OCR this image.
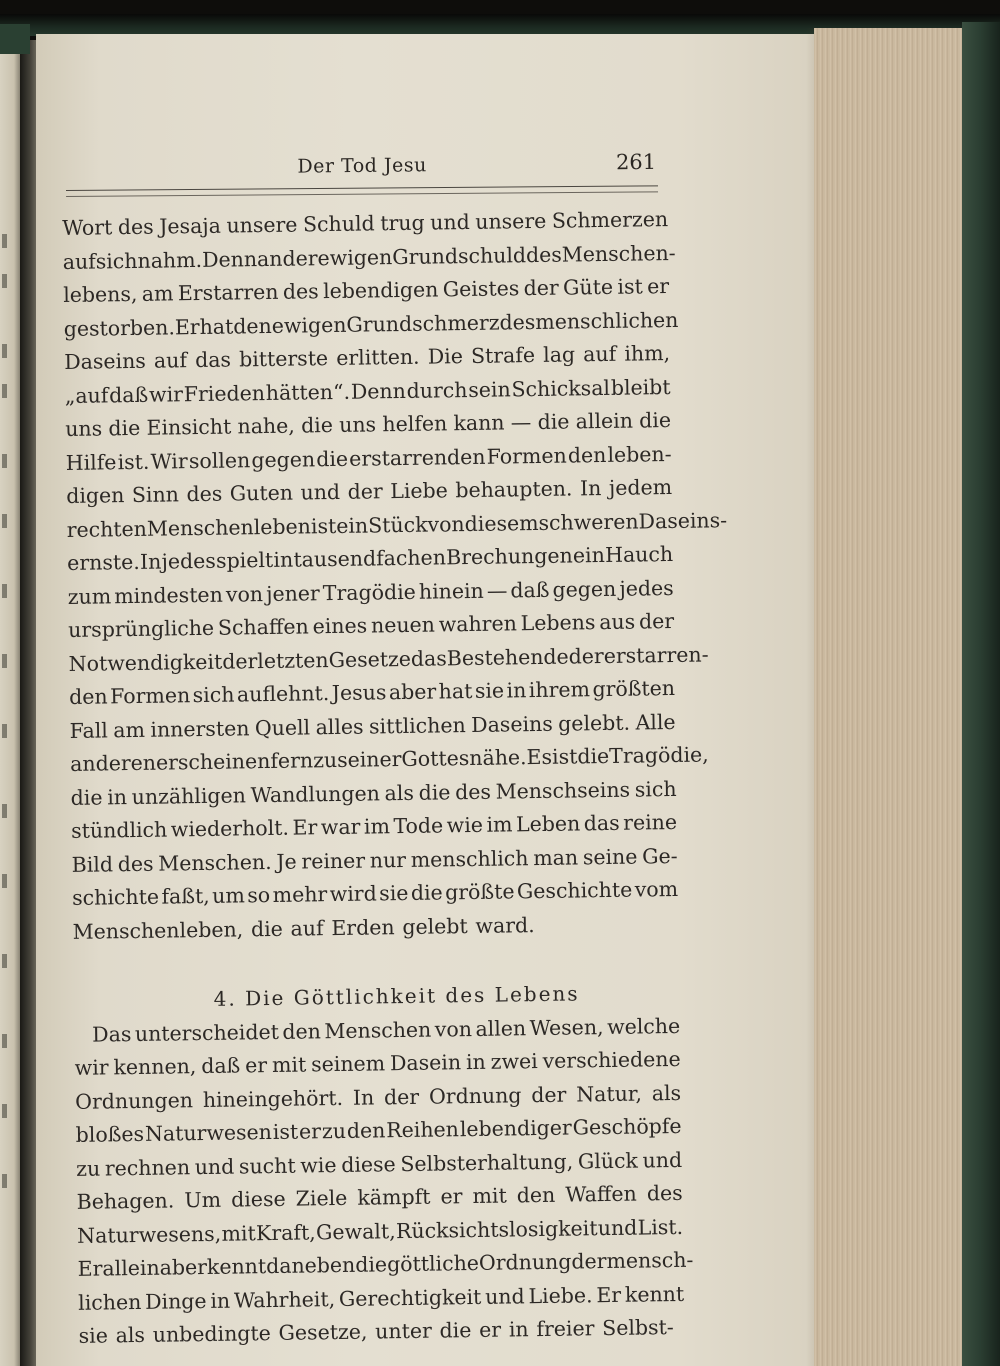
Der Tod Jesu	261
Wort des Jesaja unsere Schuld trug und unsere Schmerzen
auf sich nahm. Denn an der ewigen Grundschuld des Menschen-
lebens, am Erstarren des lebendigen Geistes der Güte ist er
gestorben. Er hat den ewigen Grundschmerz des menschlichen
Daseins auf das bitterste erlitten. Die Strafe lag auf ihm,
„auf daß wir Frieden hätten“. Denn durch sein Schicksal bleibt
uns die Einsicht nahe, die uns helfen kann — die allein die
Hilfe ist. Wir sollen gegen die erstarrenden Formen den leben-
digen Sinn des Guten und der Liebe behaupten. In jedem
rechten Menschenleben ist ein Stück von diesem schweren Daseins-
ernste. In jedes spielt in tausendfachen Brechungen ein Hauch
zum mindesten von jener Tragödie hinein — daß gegen jedes
ursprüngliche Schaffen eines neuen wahren Lebens aus der
Notwendigkeit der letzten Gesetze das Bestehende der erstarren-
den Formen sich auflehnt. Jesus aber hat sie in ihrem größten
Fall am innersten Quell alles sittlichen Daseins gelebt. Alle
anderen erscheinen fern zu seiner Gottesnähe. Es ist die Tragödie,
die in unzähligen Wandlungen als die des Menschseins sich
stündlich wiederholt. Er war im Tode wie im Leben das reine
Bild des Menschen. Je reiner nur menschlich man seine Ge-
schichte faßt, um so mehr wird sie die größte Geschichte vom
Menschenleben, die auf Erden gelebt ward.
4. Die Göttlichkeit des Lebens
Das unterscheidet den Menschen von allen Wesen, welche
wir kennen, daß er mit seinem Dasein in zwei verschiedene
Ordnungen hineingehört. In der Ordnung der Natur, als
bloßes Naturwesen ist er zu den Reihen lebendiger Geschöpfe
zu rechnen und sucht wie diese Selbsterhaltung, Glück und
Behagen. Um diese Ziele kämpft er mit den Waffen des
Naturwesens, mit Kraft, Gewalt, Rücksichtslosigkeit und List.
Er allein aber kennt daneben die göttliche Ordnung der mensch-
lichen Dinge in Wahrheit, Gerechtigkeit und Liebe. Er kennt
sie als unbedingte Gesetze, unter die er in freier Selbst-
